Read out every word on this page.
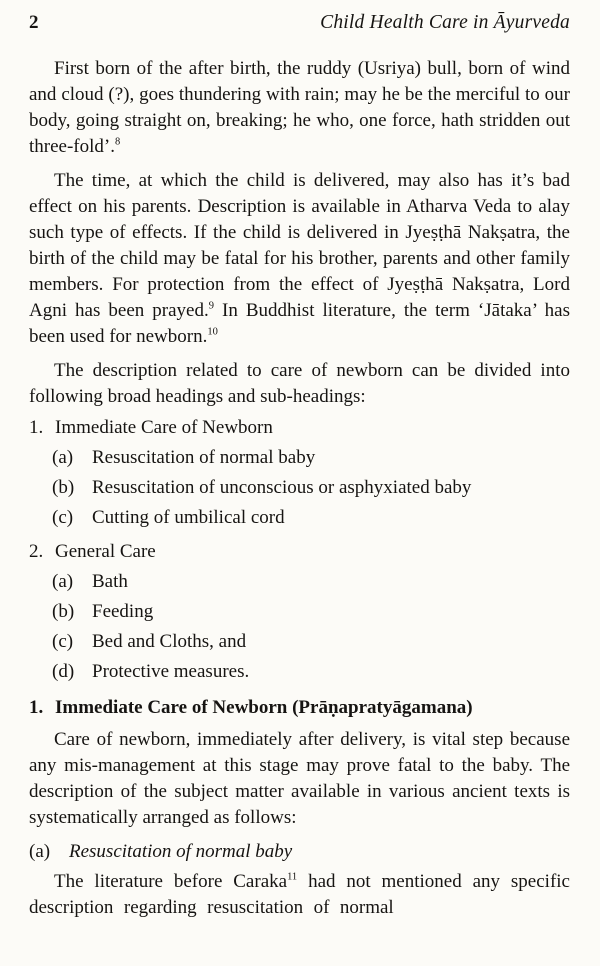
2	Child Health Care in Āyurveda

First born of the after birth, the ruddy (Usriya) bull, born of wind and cloud (?), goes thundering with rain; may he be the merciful to our body, going straight on, breaking; he who, one force, hath stridden out three-fold’.$^8$

The time, at which the child is delivered, may also has it’s bad effect on his parents. Description is available in Atharva Veda to alay such type of effects. If the child is delivered in Jyeṣṭhā Nakṣatra, the birth of the child may be fatal for his brother, parents and other family members. For protection from the effect of Jyeṣṭhā Nakṣatra, Lord Agni has been prayed.$^9$ In Buddhist literature, the term ‘Jātaka’ has been used for newborn.$^{10}$

The description related to care of newborn can be divided into following broad headings and sub-headings:

1. Immediate Care of Newborn
(a) Resuscitation of normal baby
(b) Resuscitation of unconscious or asphyxiated baby
(c) Cutting of umbilical cord
2. General Care
(a) Bath
(b) Feeding
(c) Bed and Cloths, and
(d) Protective measures.
1. Immediate Care of Newborn (Prāṇapratyāgamana)

Care of newborn, immediately after delivery, is vital step because any mis-management at this stage may prove fatal to the baby. The description of the subject matter available in various ancient texts is systematically arranged as follows:

(a) Resuscitation of normal baby

The literature before Caraka$^{11}$ had not mentioned any specific description regarding resuscitation of normal
